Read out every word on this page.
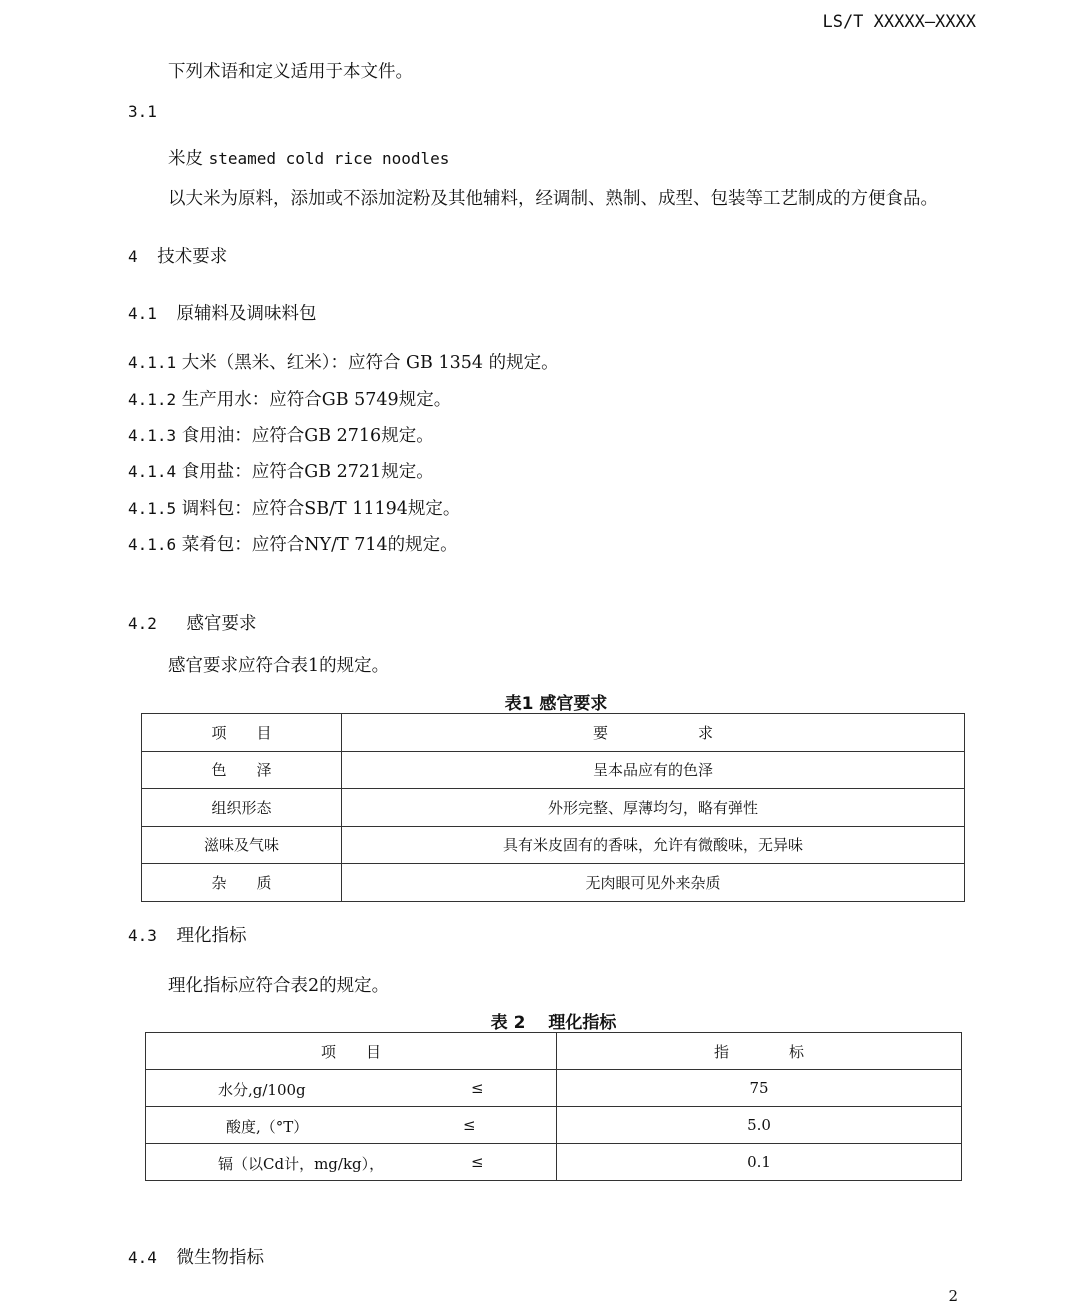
LS/T XXXXX—XXXX
下列术语和定义适用于本文件。
3.1
米皮 steamed cold rice noodles
以大米为原料，添加或不添加淀粉及其他辅料，经调制、熟制、成型、包装等工艺制成的方便食品。
4 技术要求
4.1 原辅料及调味料包
4.1.1 大米（黑米、红米）：应符合 GB 1354 的规定。
4.1.2 生产用水：应符合GB 5749规定。
4.1.3 食用油：应符合GB 2716规定。
4.1.4 食用盐：应符合GB 2721规定。
4.1.5 调料包：应符合SB/T 11194规定。
4.1.6 菜肴包：应符合NY/T 714的规定。
4.2 感官要求
感官要求应符合表1的规定。
表1 感官要求
项　　目	要　　　　　　求
色　　泽	呈本品应有的色泽
组织形态	外形完整、厚薄均匀，略有弹性
滋味及气味	具有米皮固有的香味，允许有微酸味，无异味
杂　　质	无肉眼可见外来杂质
4.3 理化指标
理化指标应符合表2的规定。
表 2　 理化指标
项　　目	指　　　　标

水分,g/100g ≤	75

酸度,（°T） ≤	5.0

镉（以Cd计，mg/kg）， ≤	0.1
4.4 微生物指标
2
